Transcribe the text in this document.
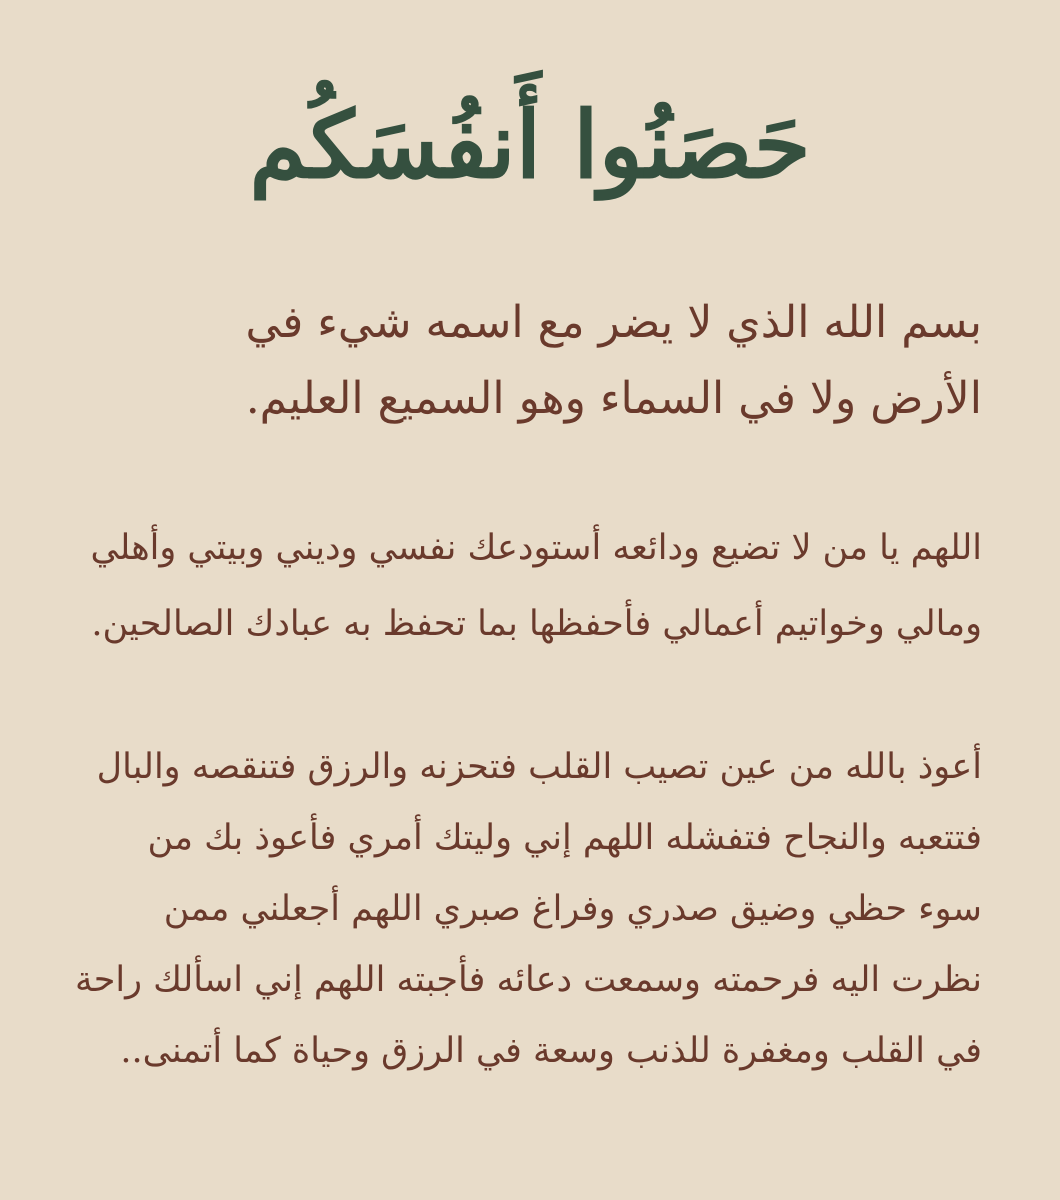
حَصَنُوا أَنفُسَكُم
بسم الله الذي لا يضر مع اسمه شيء في
الأرض ولا في السماء وهو السميع العليم.
اللهم يا من لا تضيع ودائعه أستودعك نفسي وديني وبيتي وأهلي
ومالي وخواتيم أعمالي فأحفظها بما تحفظ به عبادك الصالحين.
أعوذ بالله من عين تصيب القلب فتحزنه والرزق فتنقصه والبال
فتتعبه والنجاح فتفشله اللهم إني وليتك أمري فأعوذ بك من
سوء حظي وضيق صدري وفراغ صبري اللهم أجعلني ممن
نظرت اليه فرحمته وسمعت دعائه فأجبته اللهم إني اسألك راحة
في القلب ومغفرة للذنب وسعة في الرزق وحياة كما أتمنى..
